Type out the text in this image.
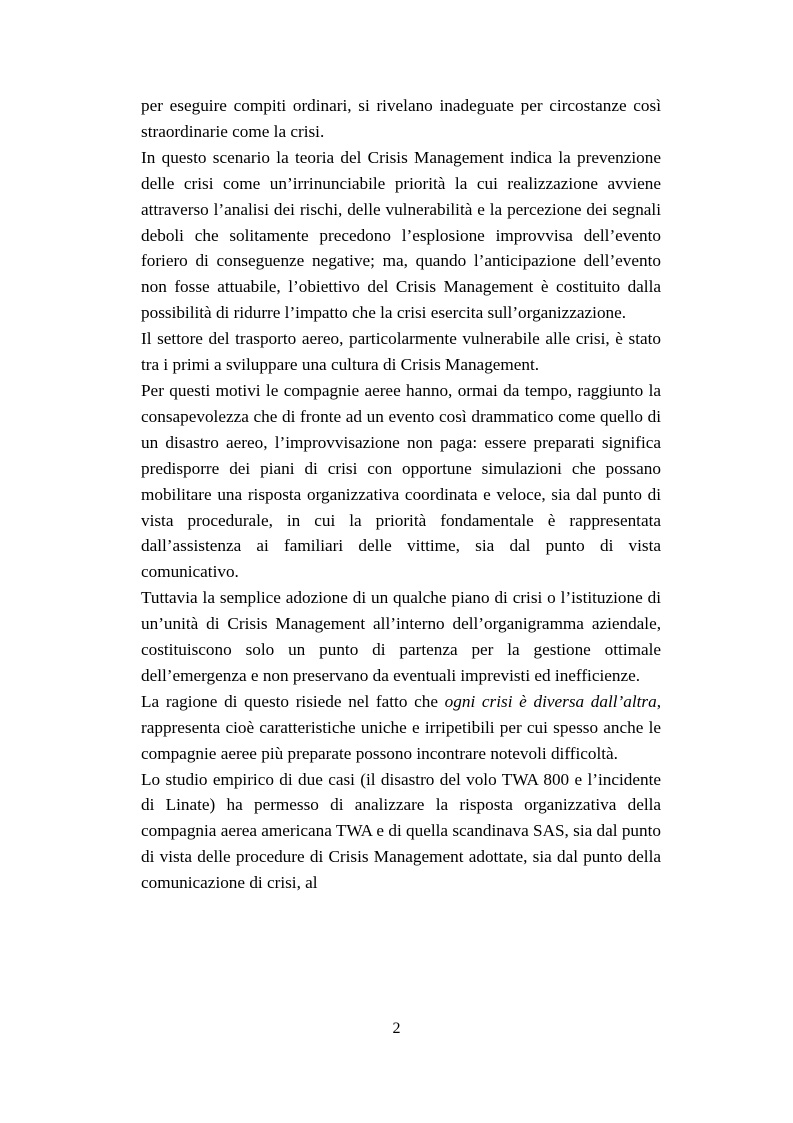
per eseguire compiti ordinari, si rivelano inadeguate per circostanze così straordinarie come la crisi.

In questo scenario la teoria del Crisis Management indica la prevenzione delle crisi come un’irrinunciabile priorità la cui realizzazione avviene attraverso l’analisi dei rischi, delle vulnerabilità e la percezione dei segnali deboli che solitamente precedono l’esplosione improvvisa dell’evento foriero di conseguenze negative; ma, quando l’anticipazione dell’evento non fosse attuabile, l’obiettivo del Crisis Management è costituito dalla possibilità di ridurre l’impatto che la crisi esercita sull’organizzazione.

Il settore del trasporto aereo, particolarmente vulnerabile alle crisi, è stato tra i primi a sviluppare una cultura di Crisis Management.

Per questi motivi le compagnie aeree hanno, ormai da tempo, raggiunto la consapevolezza che di fronte ad un evento così drammatico come quello di un disastro aereo, l’improvvisazione non paga: essere preparati significa predisporre dei piani di crisi con opportune simulazioni che possano mobilitare una risposta organizzativa coordinata e veloce, sia dal punto di vista procedurale, in cui la priorità fondamentale è rappresentata dall’assistenza ai familiari delle vittime, sia dal punto di vista comunicativo.

Tuttavia la semplice adozione di un qualche piano di crisi o l’istituzione di un’unità di Crisis Management all’interno dell’organigramma aziendale, costituiscono solo un punto di partenza per la gestione ottimale dell’emergenza e non preservano da eventuali imprevisti ed inefficienze.

La ragione di questo risiede nel fatto che ogni crisi è diversa dall’altra, rappresenta cioè caratteristiche uniche e irripetibili per cui spesso anche le compagnie aeree più preparate possono incontrare notevoli difficoltà.

Lo studio empirico di due casi (il disastro del volo TWA 800 e l’incidente di Linate) ha permesso di analizzare la risposta organizzativa della compagnia aerea americana TWA e di quella scandinava SAS, sia dal punto di vista delle procedure di Crisis Management adottate, sia dal punto della comunicazione di crisi, al

2
